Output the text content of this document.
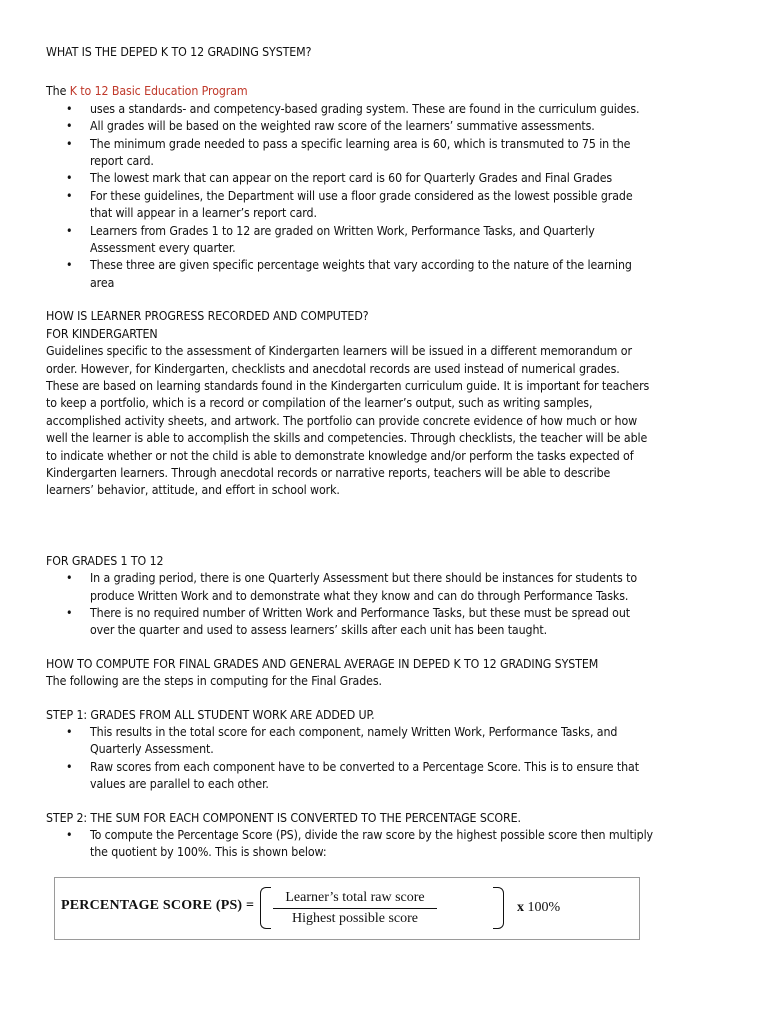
WHAT IS THE DEPED K TO 12 GRADING SYSTEM?
The K to 12 Basic Education Program
• uses a standards- and competency-based grading system. These are found in the curriculum guides.
• All grades will be based on the weighted raw score of the learners’ summative assessments.
• The minimum grade needed to pass a specific learning area is 60, which is transmuted to 75 in the
report card.
• The lowest mark that can appear on the report card is 60 for Quarterly Grades and Final Grades
• For these guidelines, the Department will use a floor grade considered as the lowest possible grade
that will appear in a learner’s report card.
• Learners from Grades 1 to 12 are graded on Written Work, Performance Tasks, and Quarterly
Assessment every quarter.
• These three are given specific percentage weights that vary according to the nature of the learning
area
HOW IS LEARNER PROGRESS RECORDED AND COMPUTED?
FOR KINDERGARTEN
Guidelines specific to the assessment of Kindergarten learners will be issued in a different memorandum or
order. However, for Kindergarten, checklists and anecdotal records are used instead of numerical grades.
These are based on learning standards found in the Kindergarten curriculum guide. It is important for teachers
to keep a portfolio, which is a record or compilation of the learner’s output, such as writing samples,
accomplished activity sheets, and artwork. The portfolio can provide concrete evidence of how much or how
well the learner is able to accomplish the skills and competencies. Through checklists, the teacher will be able
to indicate whether or not the child is able to demonstrate knowledge and/or perform the tasks expected of
Kindergarten learners. Through anecdotal records or narrative reports, teachers will be able to describe
learners’ behavior, attitude, and effort in school work.
FOR GRADES 1 TO 12
• In a grading period, there is one Quarterly Assessment but there should be instances for students to
produce Written Work and to demonstrate what they know and can do through Performance Tasks.
• There is no required number of Written Work and Performance Tasks, but these must be spread out
over the quarter and used to assess learners’ skills after each unit has been taught.
HOW TO COMPUTE FOR FINAL GRADES AND GENERAL AVERAGE IN DEPED K TO 12 GRADING SYSTEM
The following are the steps in computing for the Final Grades.
STEP 1: GRADES FROM ALL STUDENT WORK ARE ADDED UP.
• This results in the total score for each component, namely Written Work, Performance Tasks, and
Quarterly Assessment.
• Raw scores from each component have to be converted to a Percentage Score. This is to ensure that
values are parallel to each other.
STEP 2: THE SUM FOR EACH COMPONENT IS CONVERTED TO THE PERCENTAGE SCORE.
• To compute the Percentage Score (PS), divide the raw score by the highest possible score then multiply
the quotient by 100%. This is shown below:
PERCENTAGE SCORE (PS) =
Learner’s total raw score
Highest possible score
x 100%
